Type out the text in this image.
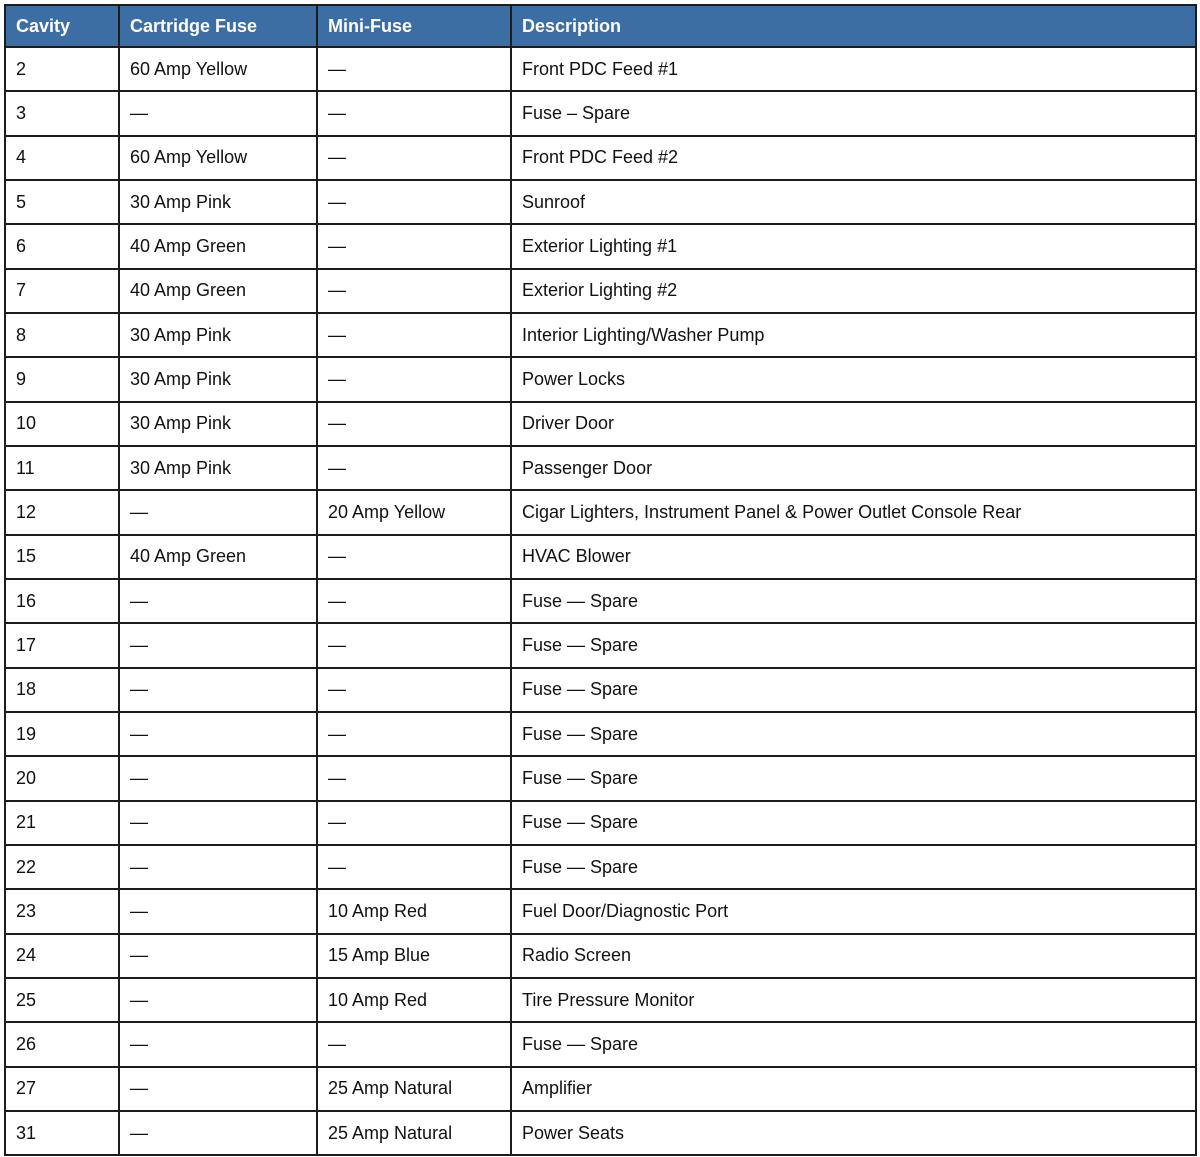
Cavity	Cartridge Fuse	Mini-Fuse	Description
2	60 Amp Yellow	—	Front PDC Feed #1
3	—	—	Fuse – Spare
4	60 Amp Yellow	—	Front PDC Feed #2
5	30 Amp Pink	—	Sunroof
6	40 Amp Green	—	Exterior Lighting #1
7	40 Amp Green	—	Exterior Lighting #2
8	30 Amp Pink	—	Interior Lighting/Washer Pump
9	30 Amp Pink	—	Power Locks
10	30 Amp Pink	—	Driver Door
11	30 Amp Pink	—	Passenger Door
12	—	20 Amp Yellow	Cigar Lighters, Instrument Panel & Power Outlet Console Rear
15	40 Amp Green	—	HVAC Blower
16	—	—	Fuse — Spare
17	—	—	Fuse — Spare
18	—	—	Fuse — Spare
19	—	—	Fuse — Spare
20	—	—	Fuse — Spare
21	—	—	Fuse — Spare
22	—	—	Fuse — Spare
23	—	10 Amp Red	Fuel Door/Diagnostic Port
24	—	15 Amp Blue	Radio Screen
25	—	10 Amp Red	Tire Pressure Monitor
26	—	—	Fuse — Spare
27	—	25 Amp Natural	Amplifier
31	—	25 Amp Natural	Power Seats
